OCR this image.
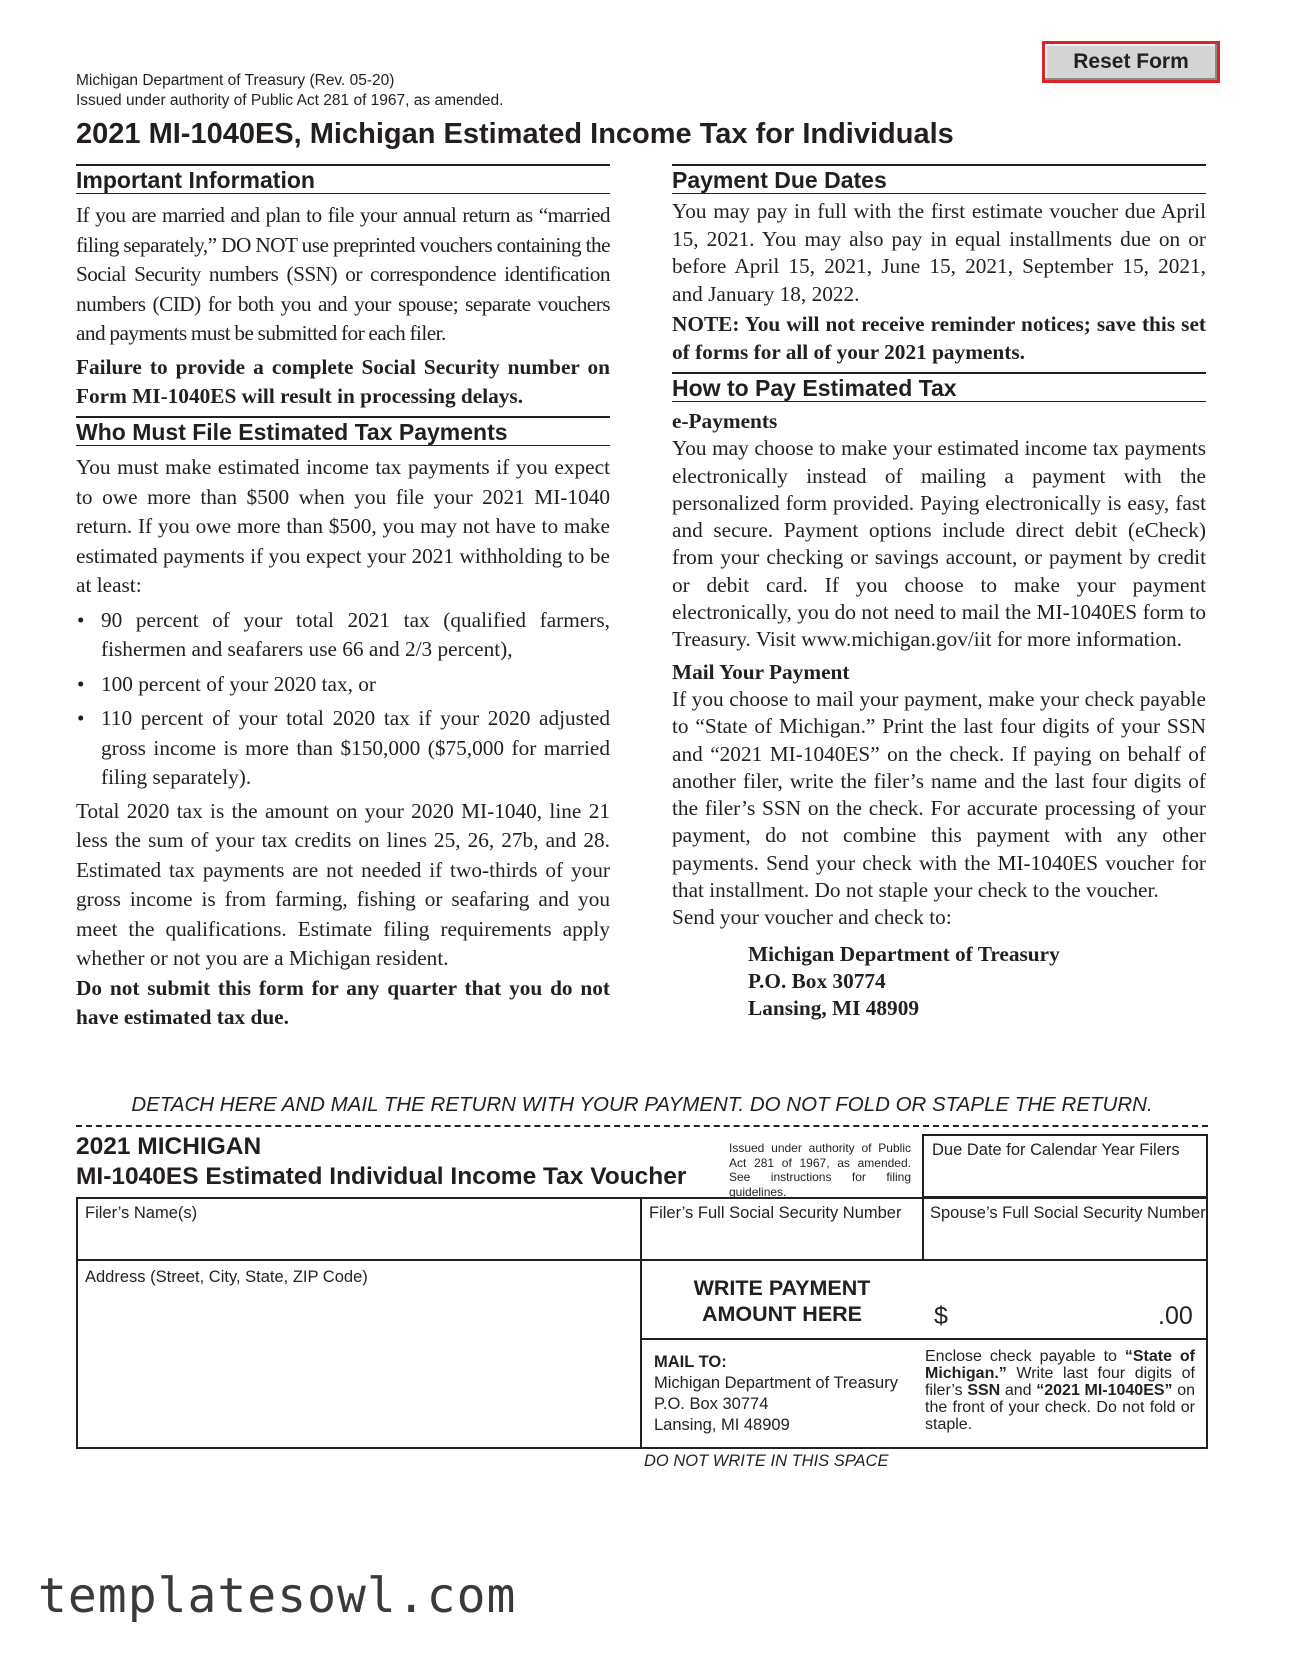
Reset Form
Michigan Department of Treasury (Rev. 05-20)
Issued under authority of Public Act 281 of 1967, as amended.
2021 MI-1040ES, Michigan Estimated Income Tax for Individuals
Important Information

If you are married and plan to file your annual return as “married filing separately,” DO NOT use preprinted vouchers containing the Social Security numbers (SSN) or correspondence identification numbers (CID) for both you and your spouse; separate vouchers and payments must be submitted for each filer.

Failure to provide a complete Social Security number on Form MI-1040ES will result in processing delays.

Who Must File Estimated Tax Payments

You must make estimated income tax payments if you expect to owe more than $500 when you file your 2021 MI-1040 return. If you owe more than $500, you may not have to make estimated payments if you expect your 2021 withholding to be at least:

• 90 percent of your total 2021 tax (qualified farmers, fishermen and seafarers use 66 and 2/3 percent),
• 100 percent of your 2020 tax, or
• 110 percent of your total 2020 tax if your 2020 adjusted gross income is more than $150,000 ($75,000 for married filing separately).

Total 2020 tax is the amount on your 2020 MI-1040, line 21 less the sum of your tax credits on lines 25, 26, 27b, and 28. Estimated tax payments are not needed if two-thirds of your gross income is from farming, fishing or seafaring and you meet the qualifications. Estimate filing requirements apply whether or not you are a Michigan resident.

Do not submit this form for any quarter that you do not have estimated tax due.

Payment Due Dates

You may pay in full with the first estimate voucher due April 15, 2021. You may also pay in equal installments due on or before April 15, 2021, June 15, 2021, September 15, 2021, and January 18, 2022.

NOTE: You will not receive reminder notices; save this set of forms for all of your 2021 payments.

How to Pay Estimated Tax

e-Payments

You may choose to make your estimated income tax payments electronically instead of mailing a payment with the personalized form provided. Paying electronically is easy, fast and secure. Payment options include direct debit (eCheck) from your checking or savings account, or payment by credit or debit card. If you choose to make your payment electronically, you do not need to mail the MI-1040ES form to Treasury. Visit www.michigan.gov/iit for more information.

Mail Your Payment

If you choose to mail your payment, make your check payable to “State of Michigan.” Print the last four digits of your SSN and “2021 MI-1040ES” on the check. If paying on behalf of another filer, write the filer’s name and the last four digits of the filer’s SSN on the check. For accurate processing of your payment, do not combine this payment with any other payments. Send your check with the MI-1040ES voucher for that installment. Do not staple your check to the voucher.

Send your voucher and check to:

Michigan Department of Treasury
P.O. Box 30774
Lansing, MI 48909
DETACH HERE AND MAIL THE RETURN WITH YOUR PAYMENT. DO NOT FOLD OR STAPLE THE RETURN.
2021 MICHIGAN
MI-1040ES Estimated Individual Income Tax Voucher
Issued under authority of Public Act 281 of 1967, as amended. See instructions for filing guidelines.
Due Date for Calendar Year Filers
Filer’s Name(s)	Filer’s Full Social Security Number Spouse’s Full Social Security Number
Address (Street, City, State, ZIP Code)	WRITE PAYMENT
AMOUNT HERE	$	.00
MAIL TO:
Michigan Department of Treasury
P.O. Box 30774
Lansing, MI 48909
Enclose check payable to “State of Michigan.” Write last four digits of filer’s SSN and “2021 MI-1040ES” on the front of your check. Do not fold or staple.
DO NOT WRITE IN THIS SPACE
templatesowl.com
